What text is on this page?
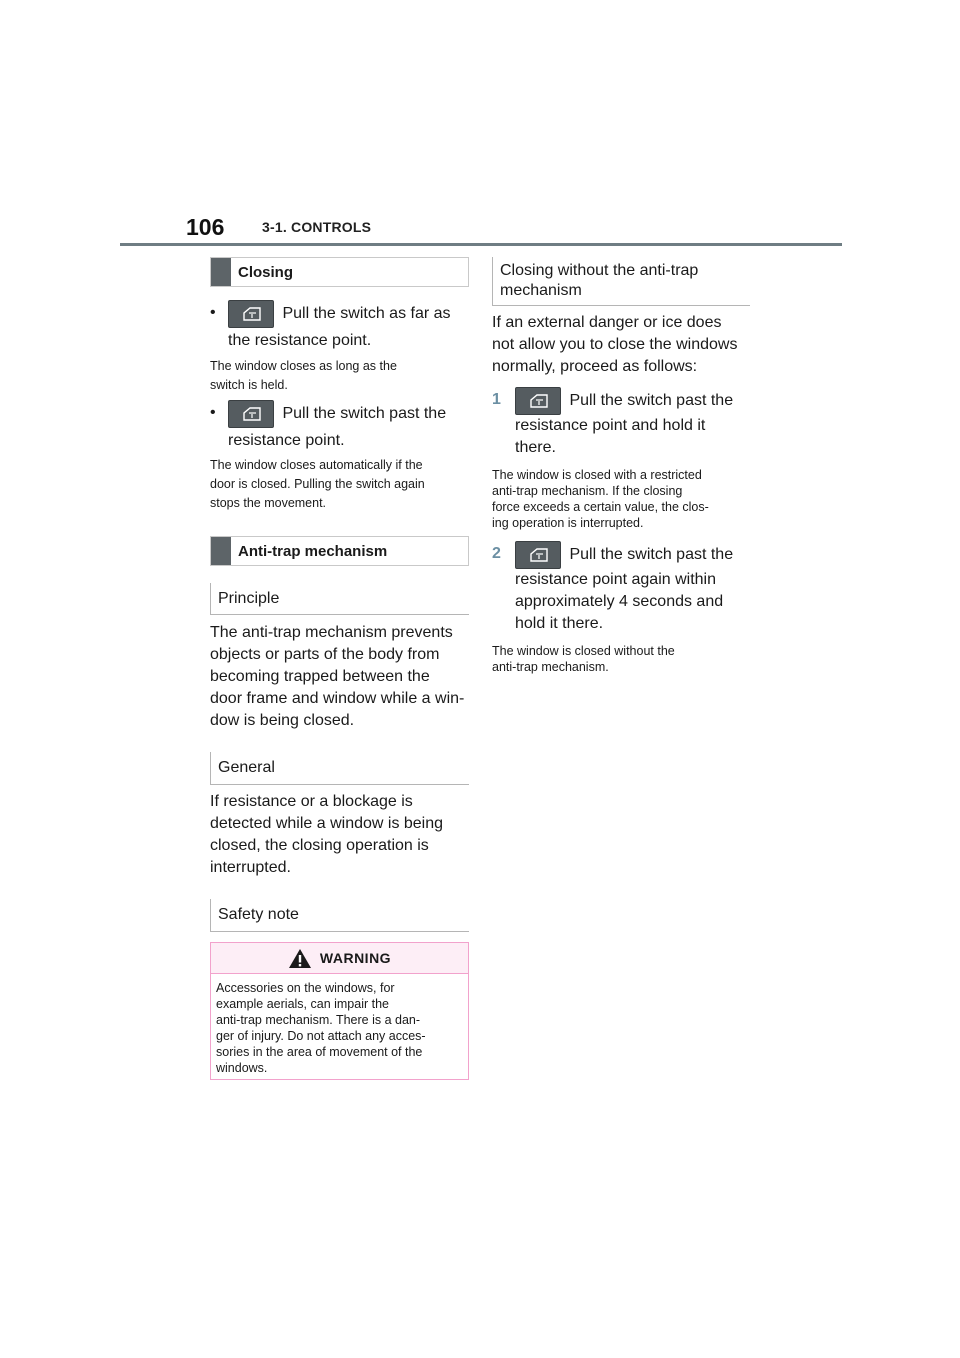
106	3-1. CONTROLS
Closing
•	Pull the switch as far as
the resistance point.

The window closes as long as the

switch is held.

•	Pull the switch past the
resistance point.

The window closes automatically if the

door is closed. Pulling the switch again

stops the movement.

Anti-trap mechanism
Principle

The anti-trap mechanism prevents

objects or parts of the body from

becoming trapped between the

door frame and window while a win-

dow is being closed.

General

If resistance or a blockage is

detected while a window is being

closed, the closing operation is

interrupted.

Safety note
WARNING

Accessories on the windows, for

example aerials, can impair the

anti-trap mechanism. There is a dan-

ger of injury. Do not attach any acces-

sories in the area of movement of the

windows.

Closing without the anti-trap
mechanism

If an external danger or ice does

not allow you to close the windows

normally, proceed as follows:

1	Pull the switch past the
resistance point and hold it
there.

The window is closed with a restricted

anti-trap mechanism. If the closing

force exceeds a certain value, the clos-

ing operation is interrupted.

2	Pull the switch past the
resistance point again within
approximately 4 seconds and
hold it there.

The window is closed without the

anti-trap mechanism.
